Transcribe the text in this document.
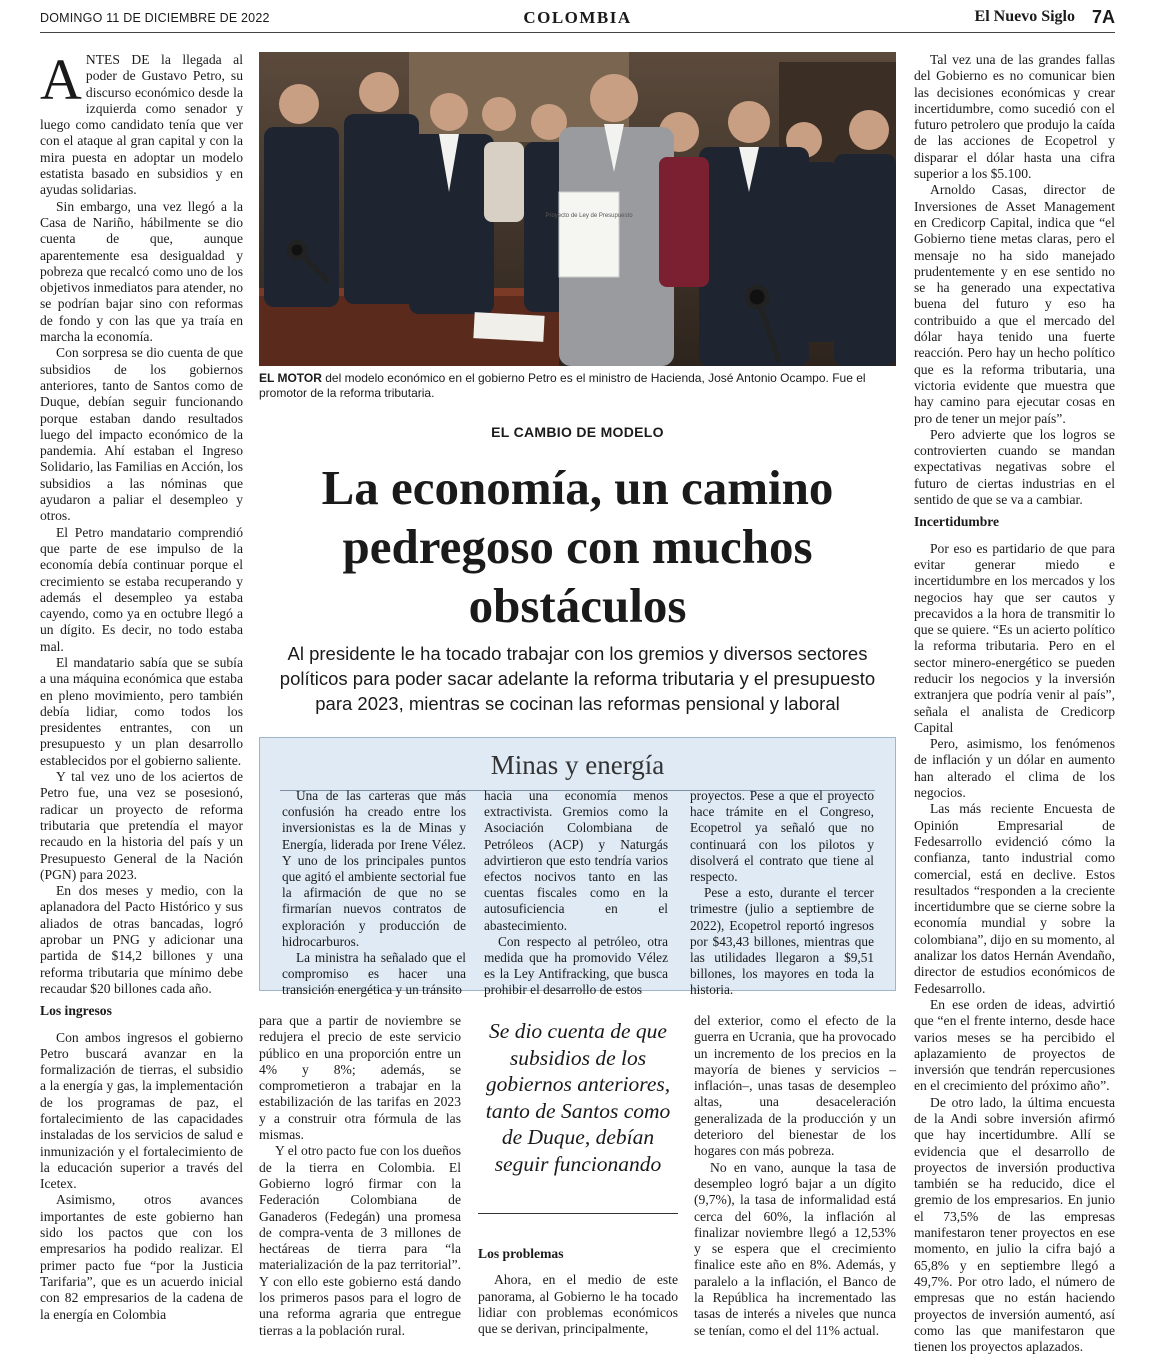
DOMINGO 11 DE DICIEMBRE DE 2022	COLOMBIA	El Nuevo Siglo 7A

ANTES DE la llegada al poder de Gustavo Petro, su discurso económico desde la izquierda como senador y luego como candidato tenía que ver con el ataque al gran capital y con la mira puesta en adoptar un modelo estatista basado en subsidios y en ayudas solidarias.

Sin embargo, una vez llegó a la Casa de Nariño, hábilmente se dio cuenta de que, aunque aparentemente esa desigualdad y pobreza que recalcó como uno de los objetivos inmediatos para atender, no se podrían bajar sino con reformas de fondo y con las que ya traía en marcha la economía.

Con sorpresa se dio cuenta de que subsidios de los gobiernos anteriores, tanto de Santos como de Duque, debían seguir funcionando porque estaban dando resultados luego del impacto económico de la pandemia. Ahí estaban el Ingreso Solidario, las Familias en Acción, los subsidios a las nóminas que ayudaron a paliar el desempleo y otros.

El Petro mandatario comprendió que parte de ese impulso de la economía debía continuar porque el crecimiento se estaba recuperando y además el desempleo ya estaba cayendo, como ya en octubre llegó a un dígito. Es decir, no todo estaba mal.

El mandatario sabía que se subía a una máquina económica que estaba en pleno movimiento, pero también debía lidiar, como todos los presidentes entrantes, con un presupuesto y un plan desarrollo establecidos por el gobierno saliente.

Y tal vez uno de los aciertos de Petro fue, una vez se posesionó, radicar un proyecto de reforma tributaria que pretendía el mayor recaudo en la historia del país y un Presupuesto General de la Nación (PGN) para 2023.

En dos meses y medio, con la aplanadora del Pacto Histórico y sus aliados de otras bancadas, logró aprobar un PNG y adicionar una partida de $14,2 billones y una reforma tributaria que mínimo debe recaudar $20 billones cada año.

Los ingresos

Con ambos ingresos el gobierno Petro buscará avanzar en la formalización de tierras, el subsidio a la energía y gas, la implementación de los programas de paz, el fortalecimiento de las capacidades instaladas de los servicios de salud e inmunización y el fortalecimiento de la educación superior a través del Icetex.

Asimismo, otros avances importantes de este gobierno han sido los pactos que con los empresarios ha podido realizar. El primer pacto fue “por la Justicia Tarifaria”, que es un acuerdo inicial con 82 empresarios de la cadena de la energía en Colombia

Proyecto de Ley de Presupuesto
EL MOTOR del modelo económico en el gobierno Petro es el ministro de Hacienda, José Antonio Ocampo. Fue el promotor de la reforma tributaria.
EL CAMBIO DE MODELO
La economía, un camino pedregoso con muchos obstáculos
Al presidente le ha tocado trabajar con los gremios y diversos sectores políticos para poder sacar adelante la reforma tributaria y el presupuesto para 2023, mientras se cocinan las reformas pensional y laboral
Minas y energía

Una de las carteras que más confusión ha creado entre los inversionistas es la de Minas y Energía, liderada por Irene Vélez. Y uno de los principales puntos que agitó el ambiente sectorial fue la afirmación de que no se firmarían nuevos contratos de exploración y producción de hidrocarburos.

La ministra ha señalado que el compromiso es hacer una transición energética y un tránsito

hacia una economía menos extractivista. Gremios como la Asociación Colombiana de Petróleos (ACP) y Naturgás advirtieron que esto tendría varios efectos nocivos tanto en las cuentas fiscales como en la autosuficiencia en el abastecimiento.

Con respecto al petróleo, otra medida que ha promovido Vélez es la Ley Antifracking, que busca prohibir el desarrollo de estos

proyectos. Pese a que el proyecto hace trámite en el Congreso, Ecopetrol ya señaló que no continuará con los pilotos y disolverá el contrato que tiene al respecto.

Pese a esto, durante el tercer trimestre (julio a septiembre de 2022), Ecopetrol reportó ingresos por $43,43 billones, mientras que las utilidades llegaron a $9,51 billones, los mayores en toda la historia.

para que a partir de noviembre se redujera el precio de este servicio público en una proporción entre un 4% y 8%; además, se comprometieron a trabajar en la estabilización de las tarifas en 2023 y a construir otra fórmula de las mismas.

Y el otro pacto fue con los dueños de la tierra en Colombia. El Gobierno logró firmar con la Federación Colombiana de Ganaderos (Fedegán) una promesa de compra-venta de 3 millones de hectáreas de tierra para “la materialización de la paz territorial”. Y con ello este gobierno está dando los primeros pasos para el logro de una reforma agraria que entregue tierras a la población rural.

Se dio cuenta de que subsidios de los gobiernos anteriores, tanto de Santos como de Duque, debían seguir funcionando
Los problemas

Ahora, en el medio de este panorama, al Gobierno le ha tocado lidiar con problemas económicos que se derivan, principalmente,

del exterior, como el efecto de la guerra en Ucrania, que ha provocado un incremento de los precios en la mayoría de bienes y servicios –inflación–, unas tasas de desempleo altas, una desaceleración generalizada de la producción y un deterioro del bienestar de los hogares con más pobreza.

No en vano, aunque la tasa de desempleo logró bajar a un dígito (9,7%), la tasa de informalidad está cerca del 60%, la inflación al finalizar noviembre llegó a 12,53% y se espera que el crecimiento finalice este año en 8%. Además, y paralelo a la inflación, el Banco de la República ha incrementado las tasas de interés a niveles que nunca se tenían, como el del 11% actual.

Tal vez una de las grandes fallas del Gobierno es no comunicar bien las decisiones económicas y crear incertidumbre, como sucedió con el futuro petrolero que produjo la caída de las acciones de Ecopetrol y disparar el dólar hasta una cifra superior a los $5.100.

Arnoldo Casas, director de Inversiones de Asset Management en Credicorp Capital, indica que “el Gobierno tiene metas claras, pero el mensaje no ha sido manejado prudentemente y en ese sentido no se ha generado una expectativa buena del futuro y eso ha contribuido a que el mercado del dólar haya tenido una fuerte reacción. Pero hay un hecho político que es la reforma tributaria, una victoria evidente que muestra que hay camino para ejecutar cosas en pro de tener un mejor país”.

Pero advierte que los logros se controvierten cuando se mandan expectativas negativas sobre el futuro de ciertas industrias en el sentido de que se va a cambiar.

Incertidumbre

Por eso es partidario de que para evitar generar miedo e incertidumbre en los mercados y los negocios hay que ser cautos y precavidos a la hora de transmitir lo que se quiere. “Es un acierto político la reforma tributaria. Pero en el sector minero-energético se pueden reducir los negocios y la inversión extranjera que podría venir al país”, señala el analista de Credicorp Capital

Pero, asimismo, los fenómenos de inflación y un dólar en aumento han alterado el clima de los negocios.

Las más reciente Encuesta de Opinión Empresarial de Fedesarrollo evidenció cómo la confianza, tanto industrial como comercial, está en declive. Estos resultados “responden a la creciente incertidumbre que se cierne sobre la economía mundial y sobre la colombiana”, dijo en su momento, al analizar los datos Hernán Avendaño, director de estudios económicos de Fedesarrollo.

En ese orden de ideas, advirtió que “en el frente interno, desde hace varios meses se ha percibido el aplazamiento de proyectos de inversión que tendrán repercusiones en el crecimiento del próximo año”.

De otro lado, la última encuesta de la Andi sobre inversión afirmó que hay incertidumbre. Allí se evidencia que el desarrollo de proyectos de inversión productiva también se ha reducido, dice el gremio de los empresarios. En junio el 73,5% de las empresas manifestaron tener proyectos en ese momento, en julio la cifra bajó a 65,8% y en septiembre llegó a 49,7%. Por otro lado, el número de empresas que no están haciendo proyectos de inversión aumentó, así como las que manifestaron que tienen los proyectos aplazados.
